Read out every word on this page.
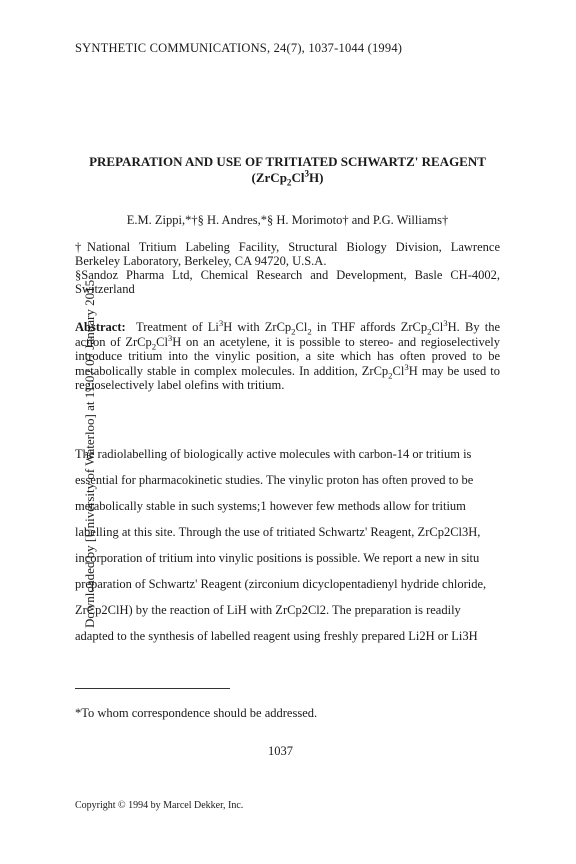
Downloaded by [University of Waterloo] at 11:07 07 January 2015
SYNTHETIC COMMUNICATIONS, 24(7), 1037-1044 (1994)
PREPARATION AND USE OF TRITIATED SCHWARTZ' REAGENT
$(ZrCp_2Cl^3H)$
E.M. Zippi,*†§ H. Andres,*§ H. Morimoto† and P.G. Williams†
†National Tritium Labeling Facility, Structural Biology Division, Lawrence Berkeley Laboratory, Berkeley, CA 94720, U.S.A.
§Sandoz Pharma Ltd, Chemical Research and Development, Basle CH-4002, Switzerland
Abstract:  Treatment of Li$^3$H with $ZrCp_2Cl_2$ in THF affords $ZrCp_2Cl^3H$. By the action of $ZrCp_2Cl^3H$ on an acetylene, it is possible to stereo- and regioselectively introduce tritium into the vinylic position, a site which has often proved to be metabolically stable in complex molecules. In addition, $ZrCp_2Cl^3H$ may be used to regioselectively label olefins with tritium.
The radiolabelling of biologically active molecules with carbon-14 or tritium is
essential for pharmacokinetic studies. The vinylic proton has often proved to be
metabolically stable in such systems;1 however few methods allow for tritium
labelling at this site. Through the use of tritiated Schwartz' Reagent, ZrCp2Cl3H,
incorporation of tritium into vinylic positions is possible. We report a new in situ
preparation of Schwartz' Reagent (zirconium dicyclopentadienyl hydride chloride,
ZrCp2ClH) by the reaction of LiH with ZrCp2Cl2. The preparation is readily
adapted to the synthesis of labelled reagent using freshly prepared Li2H or Li3H
*To whom correspondence should be addressed.
1037
Copyright © 1994 by Marcel Dekker, Inc.
